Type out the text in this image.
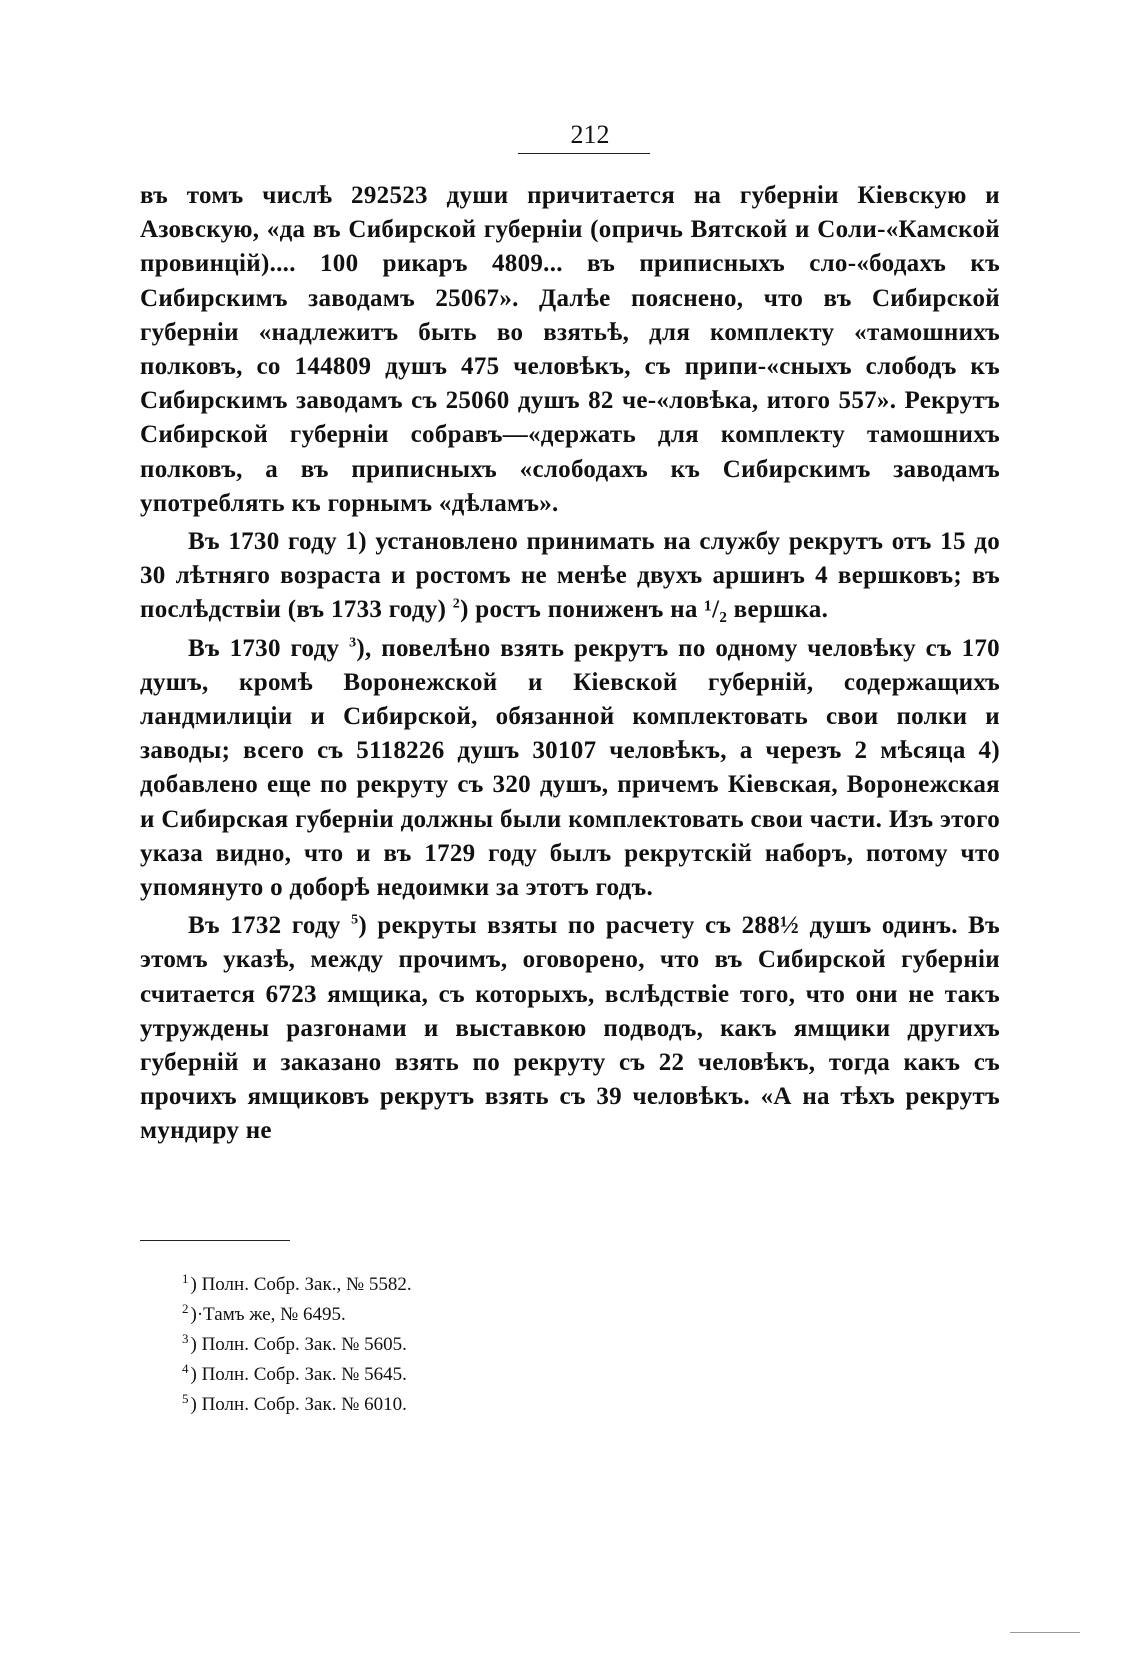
212

въ томъ числѣ 292523 души причитается на губерніи Кіевскую и Азовскую, «да въ Сибирской губерніи (опричь Вятской и Соли-«Камской провинцій).... 100 рикаръ 4809... въ приписныхъ сло-«бодахъ къ Сибирскимъ заводамъ 25067». Далѣе пояснено, что въ Сибирской губерніи «надлежитъ быть во взятьѣ, для комплекту «тамошнихъ полковъ, со 144809 душъ 475 человѣкъ, съ припи-«сныхъ слободъ къ Сибирскимъ заводамъ съ 25060 душъ 82 че-«ловѣка, итого 557». Рекрутъ Сибирской губерніи собравъ—«держать для комплекту тамошнихъ полковъ, а въ приписныхъ «слободахъ къ Сибирскимъ заводамъ употреблять къ горнымъ «дѣламъ».

Въ 1730 году 1) установлено принимать на службу рекрутъ отъ 15 до 30 лѣтняго возраста и ростомъ не менѣе двухъ аршинъ 4 вершковъ; въ послѣдствіи (въ 1733 году) $^2$) ростъ пониженъ на ¹/₂ вершка.

Въ 1730 году $^3$), повелѣно взять рекрутъ по одному человѣку съ 170 душъ, кромѣ Воронежской и Кіевской губерній, содержащихъ ландмилиціи и Сибирской, обязанной комплектовать свои полки и заводы; всего съ 5118226 душъ 30107 человѣкъ, а черезъ 2 мѣсяца 4) добавлено еще по рекруту съ 320 душъ, причемъ Кіевская, Воронежская и Сибирская губерніи должны были комплектовать свои части. Изъ этого указа видно, что и въ 1729 году былъ рекрутскій наборъ, потому что упомянуто о доборѣ недоимки за этотъ годъ.

Въ 1732 году $^5$) рекруты взяты по расчету съ 288½ душъ одинъ. Въ этомъ указѣ, между прочимъ, оговорено, что въ Сибирской губерніи считается 6723 ямщика, съ которыхъ, вслѣдствіе того, что они не такъ утруждены разгонами и выставкою подводъ, какъ ямщики другихъ губерній и заказано взять по рекруту съ 22 человѣкъ, тогда какъ съ прочихъ ямщиковъ рекрутъ взять съ 39 человѣкъ. «А на тѣхъ рекрутъ мундиру не

$^1$ ) Полн. Собр. Зак., № 5582.
$^2$ )·Тамъ же, № 6495.
$^3$ ) Полн. Собр. Зак. № 5605.
$^4$ ) Полн. Собр. Зак. № 5645.
$^5$ ) Полн. Собр. Зак. № 6010.
